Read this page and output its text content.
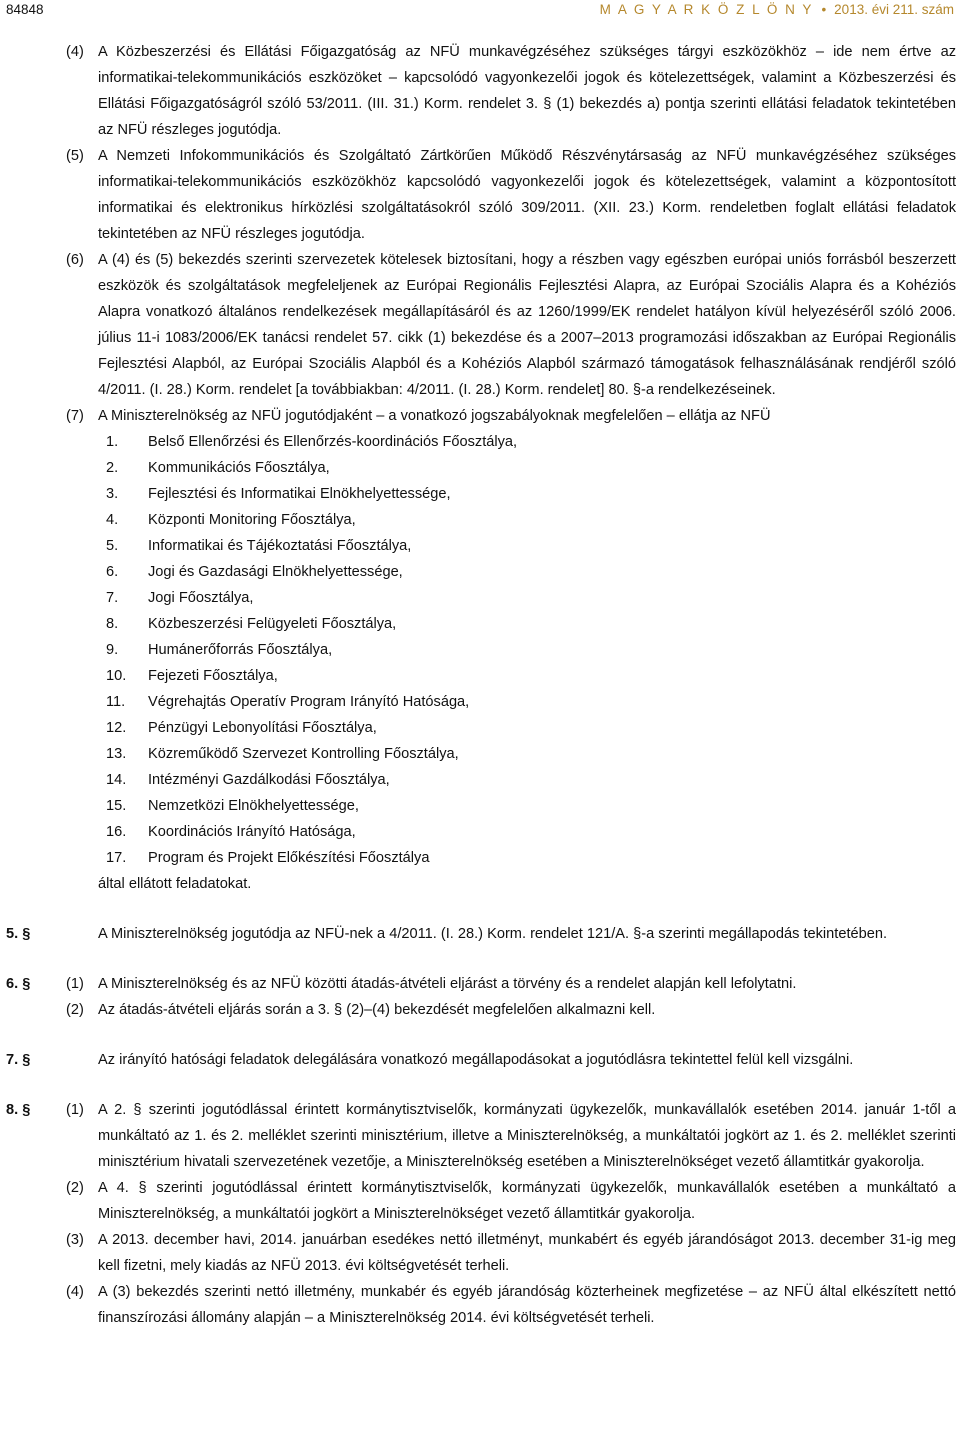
84848	M A G Y A R K Ö Z L Ö N Y • 2013. évi 211. szám
(4) A Közbeszerzési és Ellátási Főigazgatóság az NFÜ munkavégzéséhez szükséges tárgyi eszközökhöz – ide nem értve az informatikai-telekommunikációs eszközöket – kapcsolódó vagyonkezelői jogok és kötelezettségek, valamint a Közbeszerzési és Ellátási Főigazgatóságról szóló 53/2011. (III. 31.) Korm. rendelet 3. § (1) bekezdés a) pontja szerinti ellátási feladatok tekintetében az NFÜ részleges jogutódja.
(5) A Nemzeti Infokommunikációs és Szolgáltató Zártkörűen Működő Részvénytársaság az NFÜ munkavégzéséhez szükséges informatikai-telekommunikációs eszközökhöz kapcsolódó vagyonkezelői jogok és kötelezettségek, valamint a központosított informatikai és elektronikus hírközlési szolgáltatásokról szóló 309/2011. (XII. 23.) Korm. rendeletben foglalt ellátási feladatok tekintetében az NFÜ részleges jogutódja.
(6) A (4) és (5) bekezdés szerinti szervezetek kötelesek biztosítani, hogy a részben vagy egészben európai uniós forrásból beszerzett eszközök és szolgáltatások megfeleljenek az Európai Regionális Fejlesztési Alapra, az Európai Szociális Alapra és a Kohéziós Alapra vonatkozó általános rendelkezések megállapításáról és az 1260/1999/EK rendelet hatályon kívül helyezéséről szóló 2006. július 11-i 1083/2006/EK tanácsi rendelet 57. cikk (1) bekezdése és a 2007–2013 programozási időszakban az Európai Regionális Fejlesztési Alapból, az Európai Szociális Alapból és a Kohéziós Alapból származó támogatások felhasználásának rendjéről szóló 4/2011. (I. 28.) Korm. rendelet [a továbbiakban: 4/2011. (I. 28.) Korm. rendelet] 80. §-a rendelkezéseinek.
(7) A Miniszterelnökség az NFÜ jogutódjaként – a vonatkozó jogszabályoknak megfelelően – ellátja az NFÜ
1. Belső Ellenőrzési és Ellenőrzés-koordinációs Főosztálya,
2. Kommunikációs Főosztálya,
3. Fejlesztési és Informatikai Elnökhelyettessége,
4. Központi Monitoring Főosztálya,
5. Informatikai és Tájékoztatási Főosztálya,
6. Jogi és Gazdasági Elnökhelyettessége,
7. Jogi Főosztálya,
8. Közbeszerzési Felügyeleti Főosztálya,
9. Humánerőforrás Főosztálya,
10. Fejezeti Főosztálya,
11. Végrehajtás Operatív Program Irányító Hatósága,
12. Pénzügyi Lebonyolítási Főosztálya,
13. Közreműködő Szervezet Kontrolling Főosztálya,
14. Intézményi Gazdálkodási Főosztálya,
15. Nemzetközi Elnökhelyettessége,
16. Koordinációs Irányító Hatósága,
17. Program és Projekt Előkészítési Főosztálya
által ellátott feladatokat.
5. §	A Miniszterelnökség jogutódja az NFÜ-nek a 4/2011. (I. 28.) Korm. rendelet 121/A. §-a szerinti megállapodás tekintetében.
6. § (1) A Miniszterelnökség és az NFÜ közötti átadás-átvételi eljárást a törvény és a rendelet alapján kell lefolytatni.
(2) Az átadás-átvételi eljárás során a 3. § (2)–(4) bekezdését megfelelően alkalmazni kell.
7. §	Az irányító hatósági feladatok delegálására vonatkozó megállapodásokat a jogutódlásra tekintettel felül kell vizsgálni.
8. § (1) A 2. § szerinti jogutódlással érintett kormánytisztviselők, kormányzati ügykezelők, munkavállalók esetében 2014. január 1-től a munkáltató az 1. és 2. melléklet szerinti minisztérium, illetve a Miniszterelnökség, a munkáltatói jogkört az 1. és 2. melléklet szerinti minisztérium hivatali szervezetének vezetője, a Miniszterelnökség esetében a Miniszterelnökséget vezető államtitkár gyakorolja.
(2) A 4. § szerinti jogutódlással érintett kormánytisztviselők, kormányzati ügykezelők, munkavállalók esetében a munkáltató a Miniszterelnökség, a munkáltatói jogkört a Miniszterelnökséget vezető államtitkár gyakorolja.
(3) A 2013. december havi, 2014. januárban esedékes nettó illetményt, munkabért és egyéb járandóságot 2013. december 31-ig meg kell fizetni, mely kiadás az NFÜ 2013. évi költségvetését terheli.
(4) A (3) bekezdés szerinti nettó illetmény, munkabér és egyéb járandóság közterheinek megfizetése – az NFÜ által elkészített nettó finanszírozási állomány alapján – a Miniszterelnökség 2014. évi költségvetését terheli.
